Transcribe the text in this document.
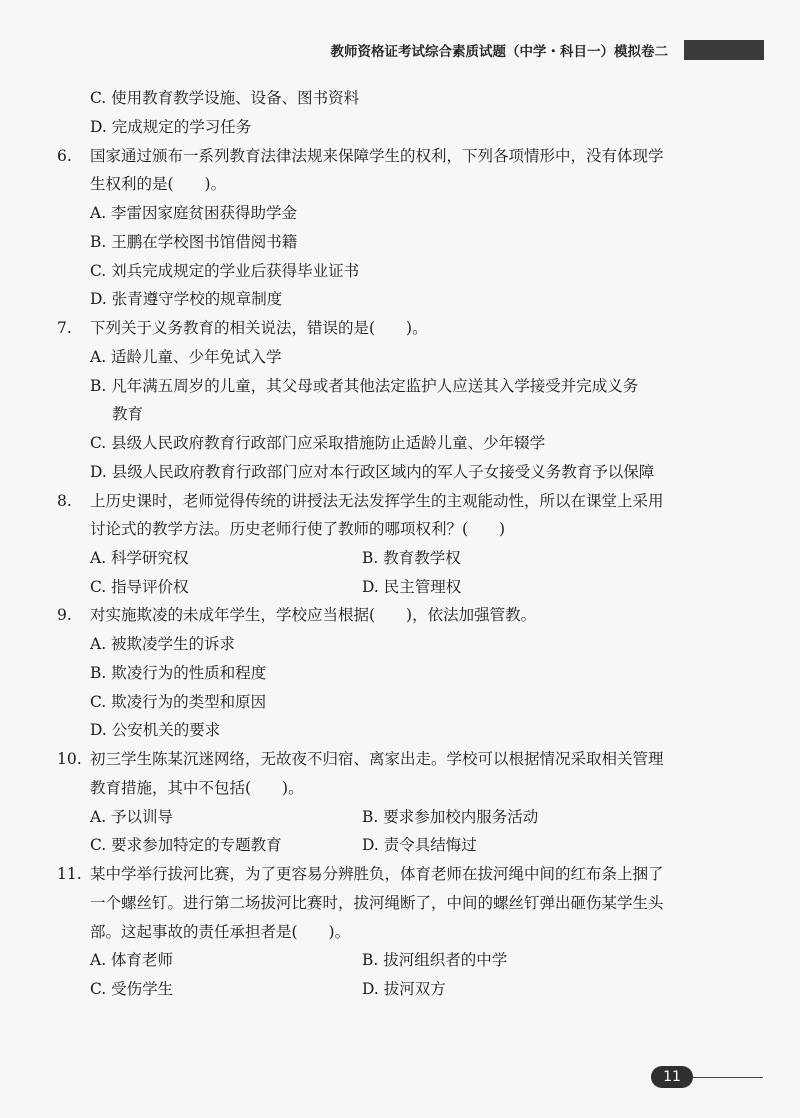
教师资格证考试综合素质试题（中学・科目一）模拟卷二
C. 使用教育教学设施、设备、图书资料
D. 完成规定的学习任务
6. 国家通过颁布一系列教育法律法规来保障学生的权利，下列各项情形中，没有体现学
生权利的是(　　)。
A. 李雷因家庭贫困获得助学金
B. 王鹏在学校图书馆借阅书籍
C. 刘兵完成规定的学业后获得毕业证书
D. 张青遵守学校的规章制度
7. 下列关于义务教育的相关说法，错误的是(　　)。
A. 适龄儿童、少年免试入学
B. 凡年满五周岁的儿童，其父母或者其他法定监护人应送其入学接受并完成义务
教育
C. 县级人民政府教育行政部门应采取措施防止适龄儿童、少年辍学
D. 县级人民政府教育行政部门应对本行政区域内的军人子女接受义务教育予以保障
8. 上历史课时，老师觉得传统的讲授法无法发挥学生的主观能动性，所以在课堂上采用
讨论式的教学方法。历史老师行使了教师的哪项权利？(　　)
A. 科学研究权	B. 教育教学权
C. 指导评价权	D. 民主管理权
9. 对实施欺凌的未成年学生，学校应当根据(　　)，依法加强管教。
A. 被欺凌学生的诉求
B. 欺凌行为的性质和程度
C. 欺凌行为的类型和原因
D. 公安机关的要求
10. 初三学生陈某沉迷网络，无故夜不归宿、离家出走。学校可以根据情况采取相关管理
教育措施，其中不包括(　　)。
A. 予以训导	B. 要求参加校内服务活动
C. 要求参加特定的专题教育	D. 责令具结悔过
11. 某中学举行拔河比赛，为了更容易分辨胜负，体育老师在拔河绳中间的红布条上捆了
一个螺丝钉。进行第二场拔河比赛时，拔河绳断了，中间的螺丝钉弹出砸伤某学生头
部。这起事故的责任承担者是(　　)。
A. 体育老师	B. 拔河组织者的中学
C. 受伤学生	D. 拔河双方
11
